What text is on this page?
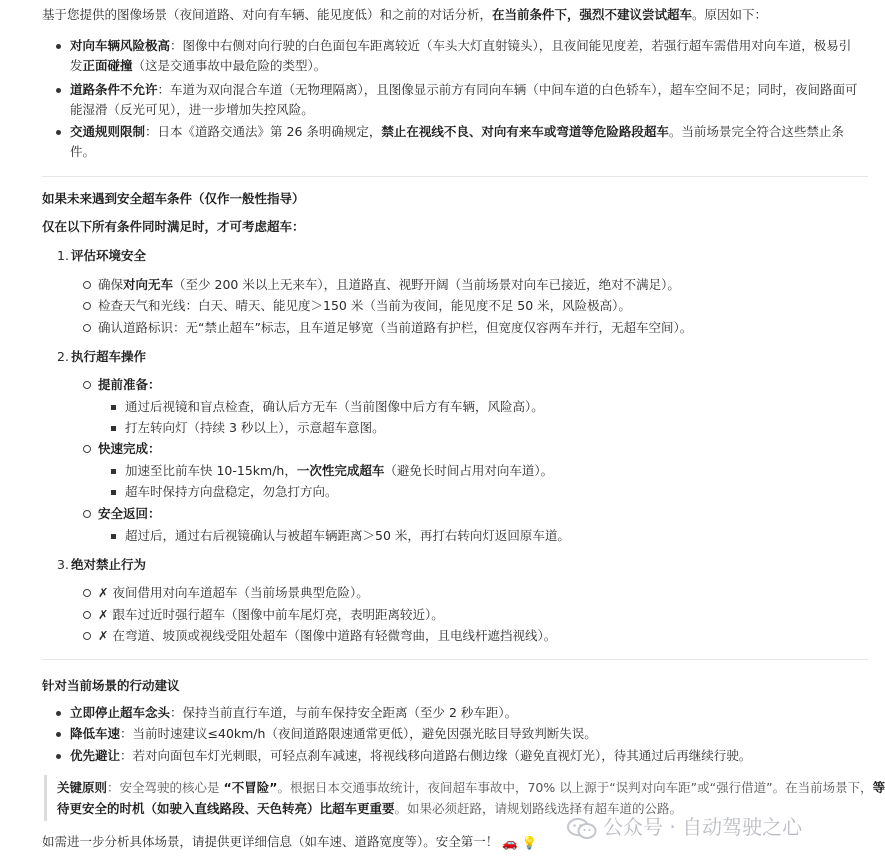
基于您提供的图像场景（夜间道路、对向有车辆、能见度低）和之前的对话分析，在当前条件下，强烈不建议尝试超车。原因如下：
对向车辆风险极高：图像中右侧对向行驶的白色面包车距离较近（车头大灯直射镜头），且夜间能见度差，若强行超车需借用对向车道，极易引
发正面碰撞（这是交通事故中最危险的类型）。
道路条件不允许：车道为双向混合车道（无物理隔离），且图像显示前方有同向车辆（中间车道的白色轿车），超车空间不足；同时，夜间路面可
能湿滑（反光可见），进一步增加失控风险。
交通规则限制：日本《道路交通法》第 26 条明确规定，禁止在视线不良、对向有来车或弯道等危险路段超车。当前场景完全符合这些禁止条
件。
如果未来遇到安全超车条件（仅作一般性指导）
仅在以下所有条件同时满足时，才可考虑超车：
1. 评估环境安全
确保对向无车（至少 200 米以上无来车），且道路直、视野开阔（当前场景对向车已接近，绝对不满足）。
检查天气和光线：白天、晴天、能见度＞150 米（当前为夜间，能见度不足 50 米，风险极高）。
确认道路标识：无“禁止超车”标志，且车道足够宽（当前道路有护栏，但宽度仅容两车并行，无超车空间）。
2. 执行超车操作
提前准备：
通过后视镜和盲点检查，确认后方无车（当前图像中后方有车辆，风险高）。
打左转向灯（持续 3 秒以上），示意超车意图。
快速完成：
加速至比前车快 10-15km/h，一次性完成超车（避免长时间占用对向车道）。
超车时保持方向盘稳定，勿急打方向。
安全返回：
超过后，通过右后视镜确认与被超车辆距离＞50 米，再打右转向灯返回原车道。
3. 绝对禁止行为
✗ 夜间借用对向车道超车（当前场景典型危险）。
✗ 跟车过近时强行超车（图像中前车尾灯亮，表明距离较近）。
✗ 在弯道、坡顶或视线受阻处超车（图像中道路有轻微弯曲，且电线杆遮挡视线）。
针对当前场景的行动建议
立即停止超车念头：保持当前直行车道，与前车保持安全距离（至少 2 秒车距）。
降低车速：当前时速建议≤40km/h（夜间道路限速通常更低），避免因强光眩目导致判断失误。
优先避让：若对向面包车灯光刺眼，可轻点刹车减速，将视线移向道路右侧边缘（避免直视灯光），待其通过后再继续行驶。
关键原则：安全驾驶的核心是 “不冒险”。根据日本交通事故统计，夜间超车事故中，70% 以上源于“误判对向车距”或“强行借道”。在当前场景下，等
待更安全的时机（如驶入直线路段、天色转亮）比超车更重要。如果必须赶路，请规划路线选择有超车道的公路。
如需进一步分析具体场景，请提供更详细信息（如车速、道路宽度等）。安全第一！ 🚗 💡
公众号 · 自动驾驶之心
